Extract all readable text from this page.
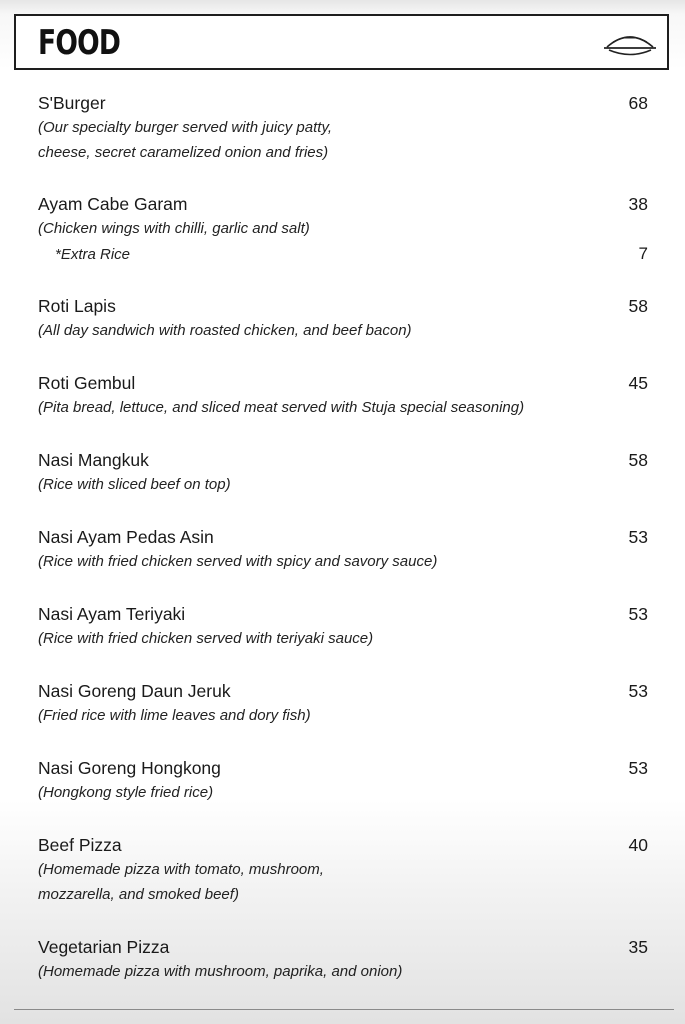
FOOD
S'Burger	68
(Our specialty burger served with juicy patty,
cheese, secret caramelized onion and fries)
Ayam Cabe Garam	38
(Chicken wings with chilli, garlic and salt)
*Extra Rice	7
Roti Lapis	58
(All day sandwich with roasted chicken, and beef bacon)
Roti Gembul	45
(Pita bread, lettuce, and sliced meat served with Stuja special seasoning)
Nasi Mangkuk	58
(Rice with sliced beef on top)
Nasi Ayam Pedas Asin	53
(Rice with fried chicken served with spicy and savory sauce)
Nasi Ayam Teriyaki	53
(Rice with fried chicken served with teriyaki sauce)
Nasi Goreng Daun Jeruk	53
(Fried rice with lime leaves and dory fish)
Nasi Goreng Hongkong	53
(Hongkong style fried rice)
Beef Pizza	40
(Homemade pizza with tomato, mushroom,
mozzarella, and smoked beef)
Vegetarian Pizza	35
(Homemade pizza with mushroom, paprika, and onion)
